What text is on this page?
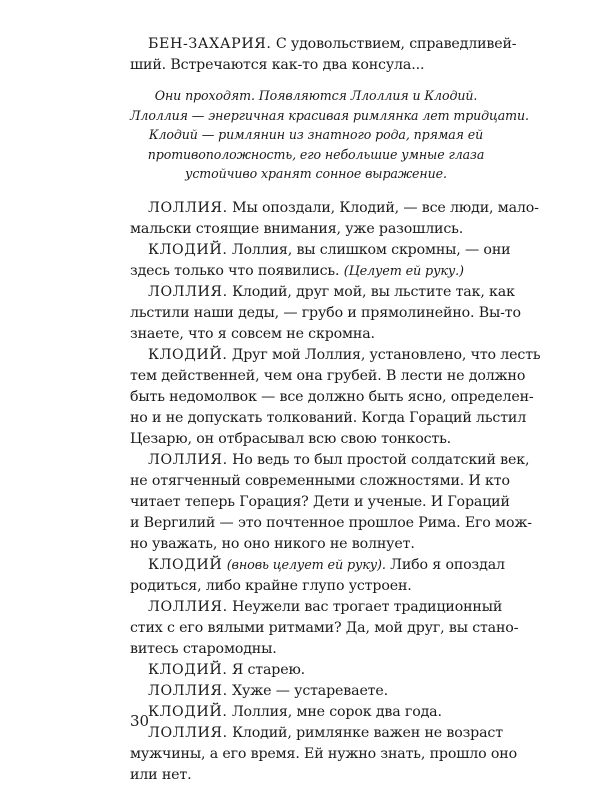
БЕН-ЗАХАРИЯ. С удовольствием, справедливей-
ший. Встречаются как-то два консула...
Они проходят. Появляются Ллоллия и Клодий.
Ллоллия — энергичная красивая римлянка лет тридцати.
Клодий — римлянин из знатного рода, прямая ей
противоположность, его небольшие умные глаза
устойчиво хранят сонное выражение.
ЛОЛЛИЯ. Мы опоздали, Клодий, — все люди, мало-
мальски стоящие внимания, уже разошлись.
КЛОДИЙ. Лоллия, вы слишком скромны, — они
здесь только что появились. (Целует ей руку.)
ЛОЛЛИЯ. Клодий, друг мой, вы льстите так, как
льстили наши деды, — грубо и прямолинейно. Вы-то
знаете, что я совсем не скромна.
КЛОДИЙ. Друг мой Лоллия, установлено, что лесть
тем действенней, чем она грубей. В лести не должно
быть недомолвок — все должно быть ясно, определен-
но и не допускать толкований. Когда Гораций льстил
Цезарю, он отбрасывал всю свою тонкость.
ЛОЛЛИЯ. Но ведь то был простой солдатский век,
не отягченный современными сложностями. И кто
читает теперь Горация? Дети и ученые. И Гораций
и Вергилий — это почтенное прошлое Рима. Его мож-
но уважать, но оно никого не волнует.
КЛОДИЙ (вновь целует ей руку). Либо я опоздал
родиться, либо крайне глупо устроен.
ЛОЛЛИЯ. Неужели вас трогает традиционный
стих с его вялыми ритмами? Да, мой друг, вы стано-
витесь старомодны.
КЛОДИЙ. Я старею.
ЛОЛЛИЯ. Хуже — устареваете.
КЛОДИЙ. Лоллия, мне сорок два года.
ЛОЛЛИЯ. Клодий, римлянке важен не возраст
мужчины, а его время. Ей нужно знать, прошло оно
или нет.
30
